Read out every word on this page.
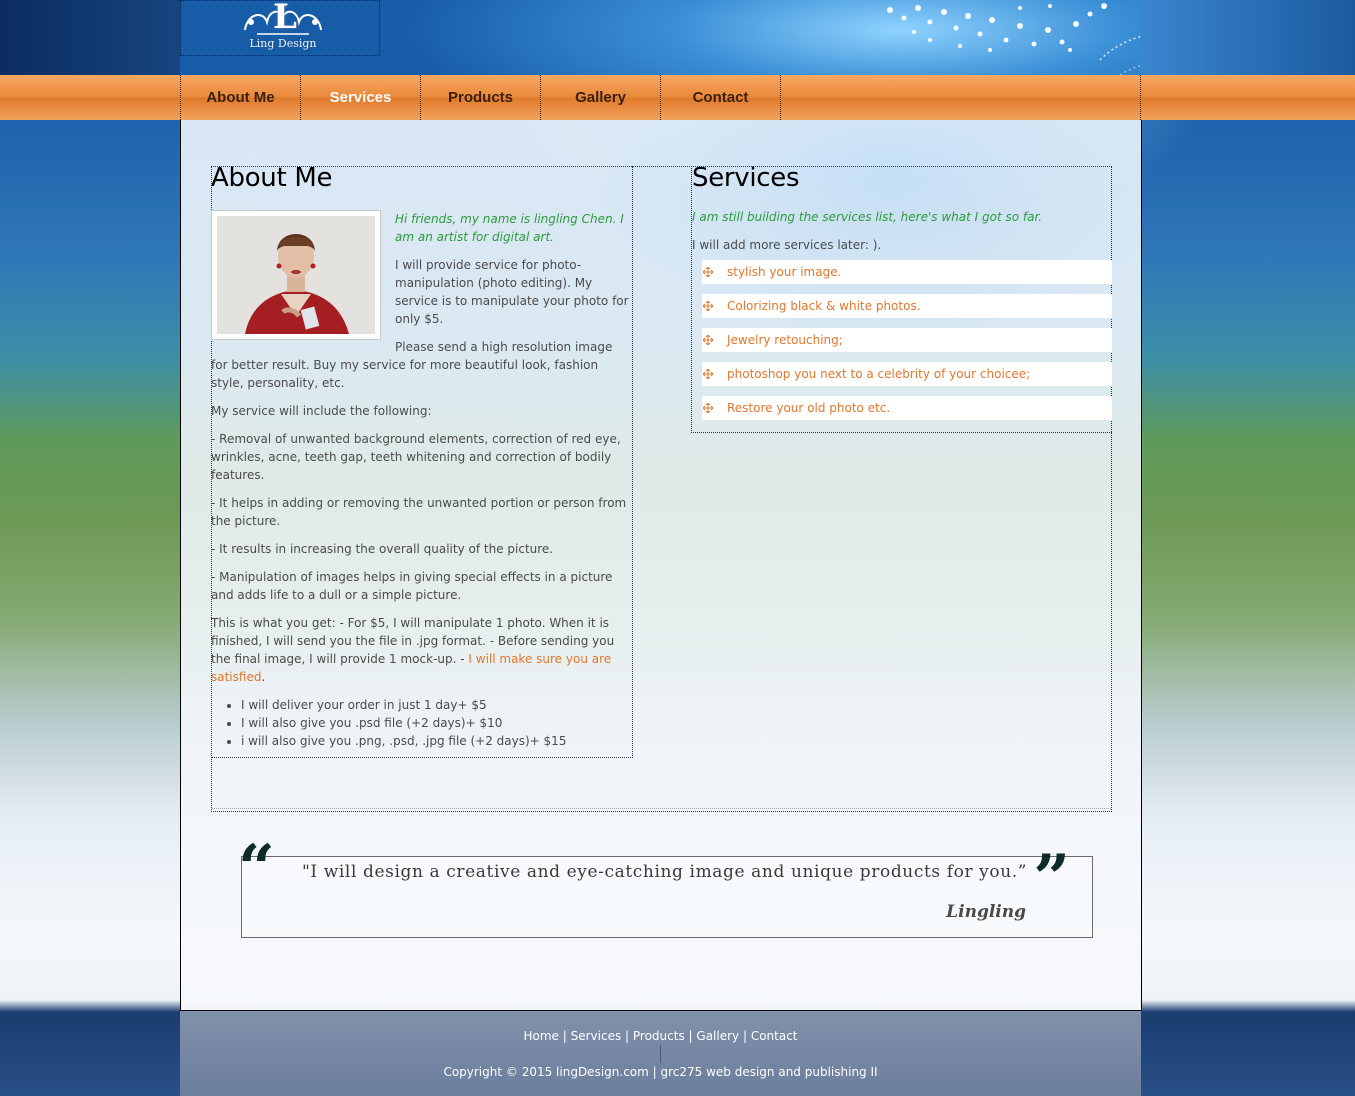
L
Ling Design
About Me	Services	Products	Gallery	Contact
About Me

Hi friends, my name is lingling Chen. I am an artist for digital art.

I will provide service for photo-manipulation (photo editing). My service is to manipulate your photo for only $5.

Please send a high resolution image for better result. Buy my service for more beautiful look, fashion style, personality, etc.

My service will include the following:

- Removal of unwanted background elements, correction of red eye, wrinkles, acne, teeth gap, teeth whitening and correction of bodily features.

- It helps in adding or removing the unwanted portion or person from the picture.

- It results in increasing the overall quality of the picture.

- Manipulation of images helps in giving special effects in a picture and adds life to a dull or a simple picture.

This is what you get: - For $5, I will manipulate 1 photo. When it is finished, I will send you the file in .jpg format. - Before sending you the final image, I will provide 1 mock-up. - I will make sure you are satisfied.

• I will deliver your order in just 1 day+ $5
• I will also give you .psd file (+2 days)+ $10
• i will also give you .png, .psd, .jpg file (+2 days)+ $15
Services

I am still building the services list, here's what I got so far.

I will add more services later: ).

stylish your image.
Colorizing black & white photos.
Jewelry retouching;
photoshop you next to a celebrity of your choicee;
Restore your old photo etc.
“ "I will design a creative and eye-catching image and unique products for you.”
Lingling ”
Home | Services | Products | Gallery | Contact
Copyright © 2015 lingDesign.com | grc275 web design and publishing II
